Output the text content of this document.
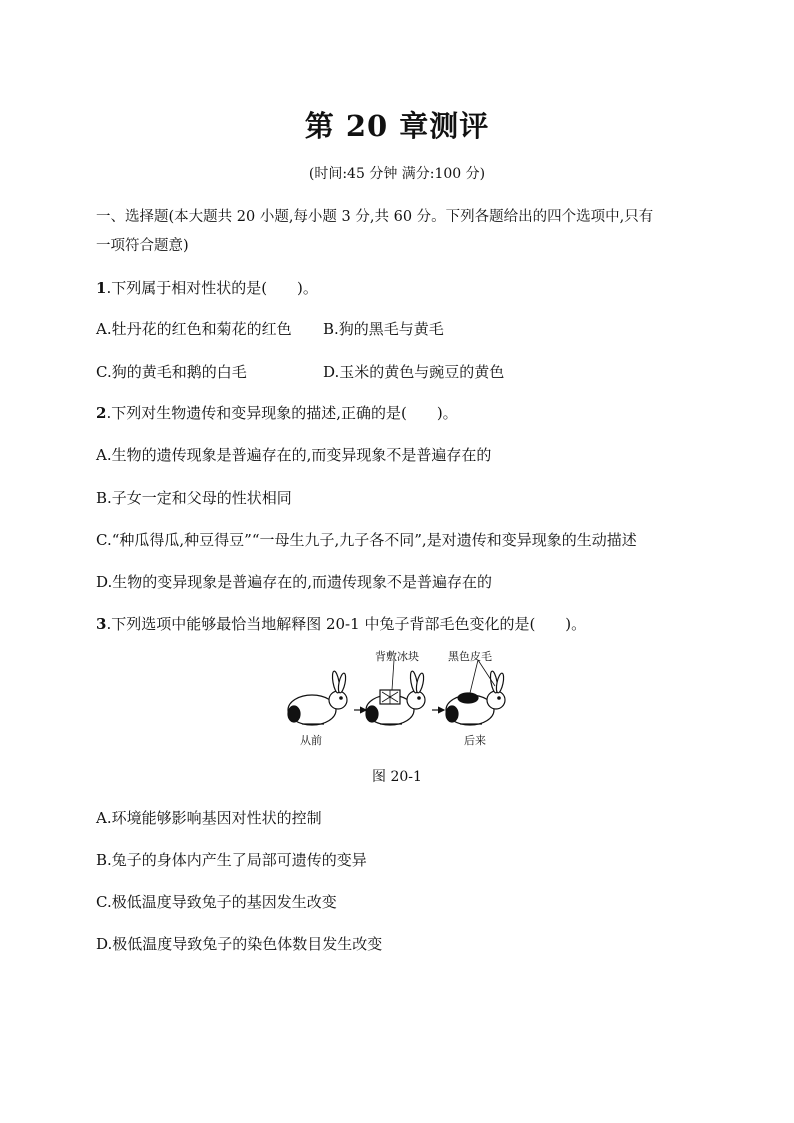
第 20 章测评
(时间:45 分钟 满分:100 分)
一、选择题(本大题共 20 小题,每小题 3 分,共 60 分。下列各题给出的四个选项中,只有
一项符合题意)
1.下列属于相对性状的是(　　)。
A.牡丹花的红色和菊花的红色 B.狗的黑毛与黄毛
C.狗的黄毛和鹅的白毛	D.玉米的黄色与豌豆的黄色
2.下列对生物遗传和变异现象的描述,正确的是(　　)。
A.生物的遗传现象是普遍存在的,而变异现象不是普遍存在的
B.子女一定和父母的性状相同
C.“种瓜得瓜,种豆得豆”“一母生九子,九子各不同”,是对遗传和变异现象的生动描述
D.生物的变异现象是普遍存在的,而遗传现象不是普遍存在的
3.下列选项中能够最恰当地解释图 20-1 中兔子背部毛色变化的是(　　)。
背敷冰块	黑色皮毛
从前	后来
图 20-1
A.环境能够影响基因对性状的控制
B.兔子的身体内产生了局部可遗传的变异
C.极低温度导致兔子的基因发生改变
D.极低温度导致兔子的染色体数目发生改变
